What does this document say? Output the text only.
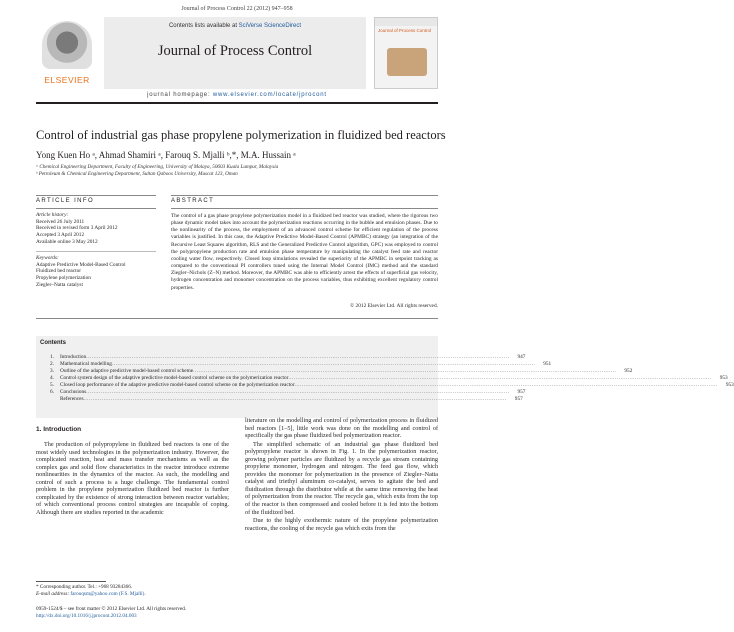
Journal of Process Control 22 (2012) 947–958
ELSEVIER
Contents lists available at SciVerse ScienceDirect
Journal of Process Control
Journal of Process Control
journal homepage: www.elsevier.com/locate/jprocont
Control of industrial gas phase propylene polymerization in fluidized bed reactors
Yong Kuen Ho ᵃ, Ahmad Shamiri ᵃ, Farouq S. Mjalli ᵇ,*, M.A. Hussain ᵃ
ᵃ Chemical Engineering Department, Faculty of Engineering, University of Malaya, 50603 Kuala Lumpur, Malaysia
ᵇ Petroleum & Chemical Engineering Department, Sultan Qaboos University, Muscat 123, Oman
ARTICLE INFO	ABSTRACT
Article history:
Received 26 July 2011
Received in revised form 3 April 2012
Accepted 3 April 2012
Available online 3 May 2012
Keywords:
Adaptive Predictive Model-Based Control
Fluidized bed reactor
Propylene polymerization
Ziegler–Natta catalyst
The control of a gas phase propylene polymerization model in a fluidized bed reactor was studied, where the rigorous two phase dynamic model takes into account the polymerization reactions occurring in the bubble and emulsion phases. Due to the nonlinearity of the process, the employment of an advanced control scheme for efficient regulation of the process variables is justified. In this case, the Adaptive Predictive Model-Based Control (APMBC) strategy (an integration of the Recursive Least Squares algorithm, RLS and the Generalized Predictive Control algorithm, GPC) was employed to control the polypropylene production rate and emulsion phase temperature by manipulating the catalyst feed rate and reactor cooling water flow, respectively. Closed loop simulations revealed the superiority of the APMBC in setpoint tracking as compared to the conventional PI controllers tuned using the Internal Model Control (IMC) method and the standard Ziegler–Nichols (Z–N) method. Moreover, the APMBC was able to efficiently arrest the effects of superficial gas velocity, hydrogen concentration and monomer concentration on the process variables, thus exhibiting excellent regulatory control properties.
© 2012 Elsevier Ltd. All rights reserved.
Contents
1.	Introduction ........................................................................................................................................................................................................................................	947
2.	Mathematical modelling ........................................................................................................................................................................................................................................	951
3.	Outline of the adaptive predictive model-based control scheme ........................................................................................................................................................................................................................................	952
4.	Control system design of the adaptive predictive model-based control scheme on the polymerization reactor ........................................................................................................................................................................................................................................	953
5.	Closed loop performance of the adaptive predictive model-based control scheme on the polymerization reactor ........................................................................................................................................................................................................................................	953
6.	Conclusions ........................................................................................................................................................................................................................................	957
References ........................................................................................................................................................................................................................................	957
1. Introduction

The production of polypropylene in fluidized bed reactors is one of the most widely used technologies in the polymerization industry. However, the complicated reaction, heat and mass transfer mechanisms as well as the complex gas and solid flow characteristics in the reactor introduce extreme nonlinearities in the dynamics of the reactor. As such, the modelling and control of such a process is a huge challenge. The fundamental control problem in the propylene polymerization fluidized bed reactor is further complicated by the existence of strong interaction between reactor variables; of which conventional process control strategies are incapable of coping. Although there are studies reported in the academic

literature on the modelling and control of polymerization process in fluidized bed reactors [1–5], little work was done on the modelling and control of specifically the gas phase fluidized bed polymerization reactor.

The simplified schematic of an industrial gas phase fluidized bed polypropylene reactor is shown in Fig. 1. In the polymerization reactor, growing polymer particles are fluidized by a recycle gas stream containing propylene monomer, hydrogen and nitrogen. The feed gas flow, which provides the monomer for polymerization in the presence of Ziegler–Natta catalyst and triethyl aluminum co-catalyst, serves to agitate the bed and fluidization through the distributor while at the same time removing the heat of polymerization from the reactor. The recycle gas, which exits from the top of the reactor is then compressed and cooled before it is fed into the bottom of the fluidized bed.

Due to the highly exothermic nature of the propylene polymerization reactions, the cooling of the recycle gas which exits from the

* Corresponding author. Tel.: +968 93284366.
E-mail address: farouqsm@yahoo.com (F.S. Mjalli).
0959-1524/$ – see front matter © 2012 Elsevier Ltd. All rights reserved.
http://dx.doi.org/10.1016/j.jprocont.2012.04.003
